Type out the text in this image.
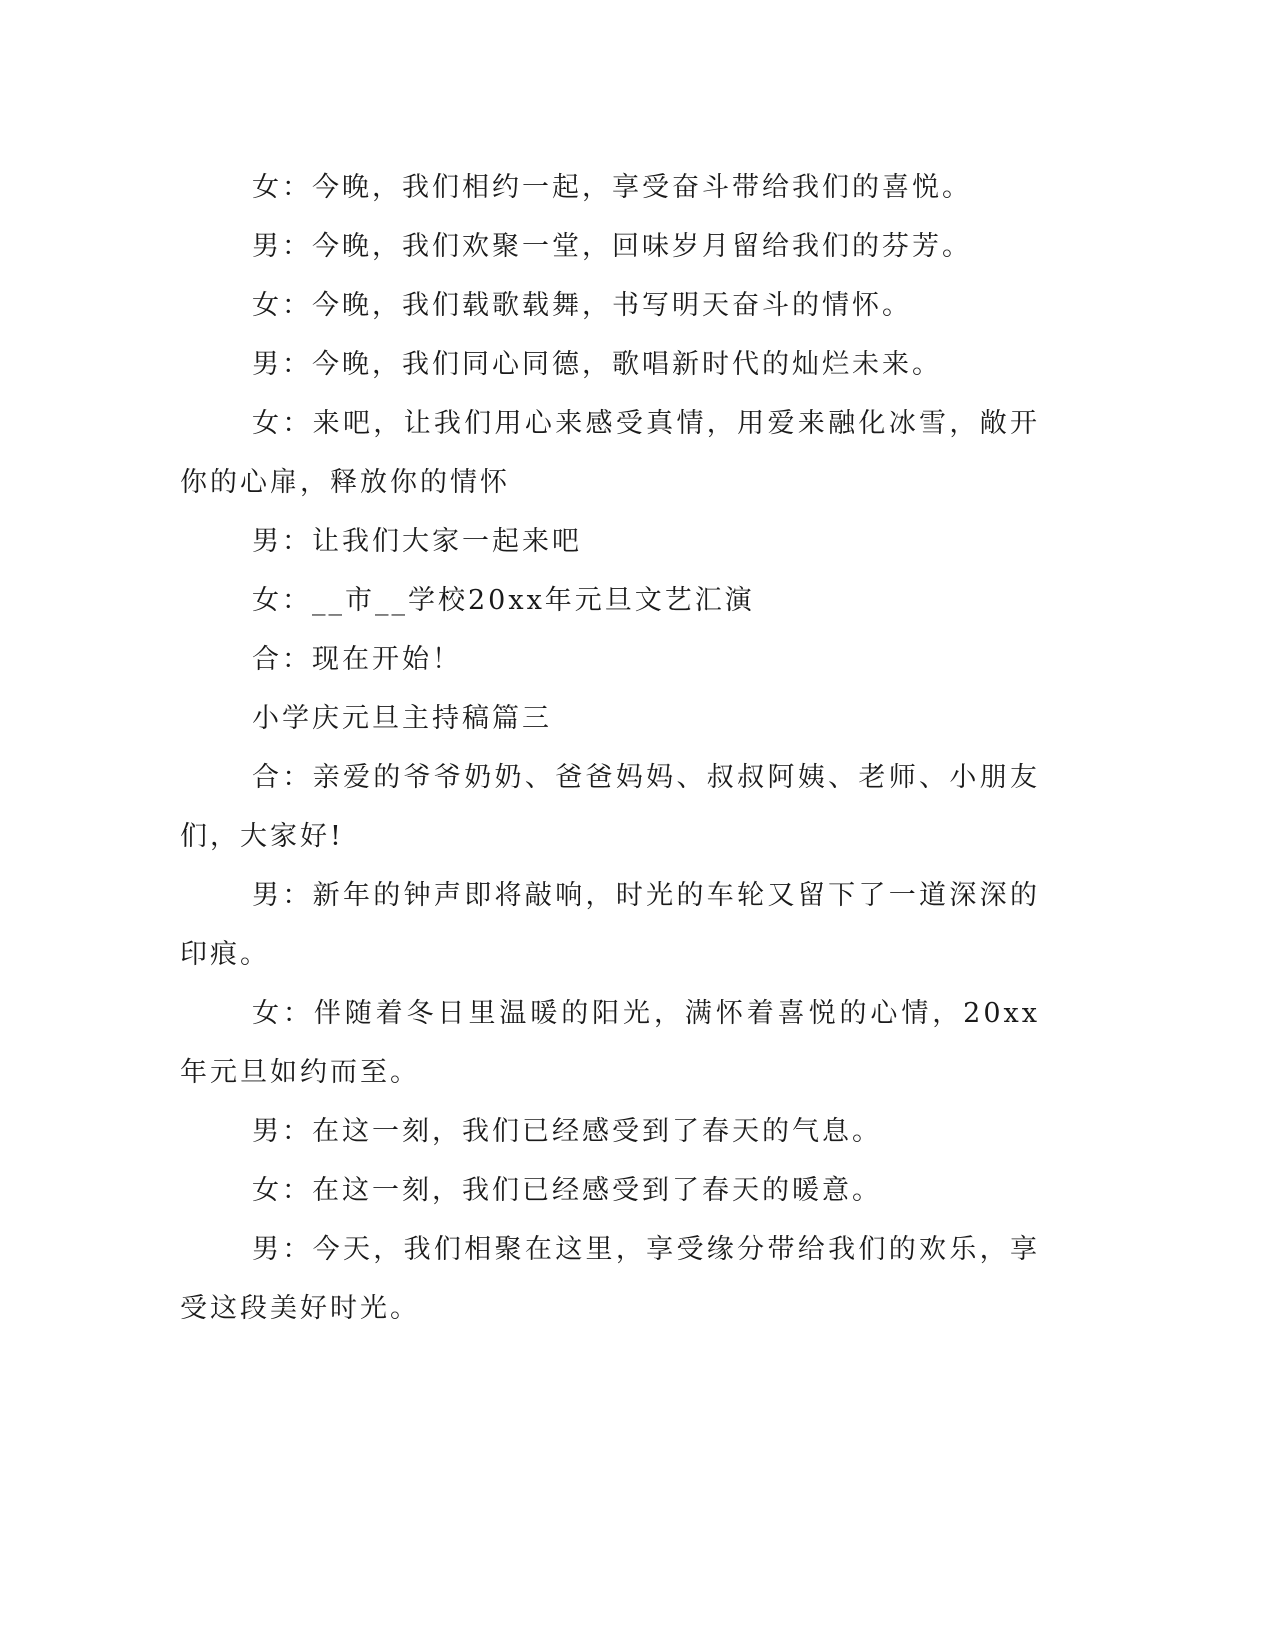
女：今晚，我们相约一起，享受奋斗带给我们的喜悦。

男：今晚，我们欢聚一堂，回味岁月留给我们的芬芳。

女：今晚，我们载歌载舞，书写明天奋斗的情怀。

男：今晚，我们同心同德，歌唱新时代的灿烂未来。

女：来吧，让我们用心来感受真情，用爱来融化冰雪，敞开你的心扉，释放你的情怀

男：让我们大家一起来吧

女：__市__学校20xx年元旦文艺汇演

合：现在开始！

小学庆元旦主持稿篇三

合：亲爱的爷爷奶奶、爸爸妈妈、叔叔阿姨、老师、小朋友们，大家好!

男：新年的钟声即将敲响，时光的车轮又留下了一道深深的印痕。

女：伴随着冬日里温暖的阳光，满怀着喜悦的心情，20xx年元旦如约而至。

男：在这一刻，我们已经感受到了春天的气息。

女：在这一刻，我们已经感受到了春天的暖意。

男：今天，我们相聚在这里，享受缘分带给我们的欢乐，享受这段美好时光。
